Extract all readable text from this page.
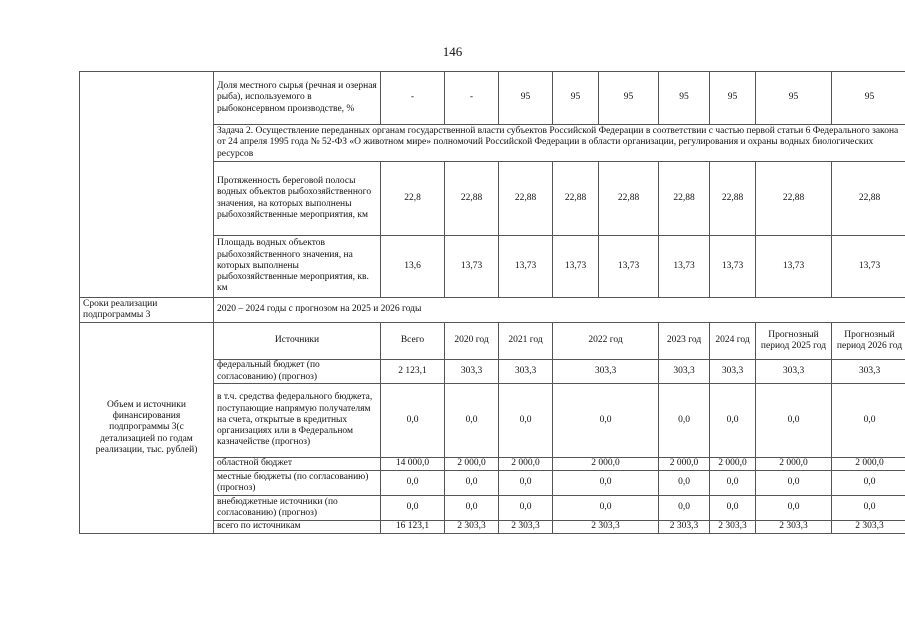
146
	Доля местного сырья (речная и озерная рыба), используемого в рыбоконсервном производстве, %	-	-	95	95	95	95	95	95	95
	Задача 2. Осуществление переданных органам государственной власти субъектов Российской Федерации в соответствии с частью первой статьи 6 Федерального закона от 24 апреля 1995 года № 52-ФЗ «О животном мире» полномочий Российской Федерации в области организации, регулирования и охраны водных биологических ресурсов									
	Протяженность береговой полосы водных объектов рыбохозяйственного значения, на которых выполнены рыбохозяйственные мероприятия, км	22,8	22,88	22,88	22,88	22,88	22,88	22,88	22,88	22,88
	Площадь водных объектов рыбохозяйственного значения, на которых выполнены рыбохозяйственные мероприятия, кв. км	13,6	13,73	13,73	13,73	13,73	13,73	13,73	13,73	13,73
Сроки реализации подпрограммы 3	2020 – 2024 годы с прогнозом на 2025 и 2026 годы									
Объем и источники финансирования подпрограммы 3(с детализацией по годам реализации, тыс. рублей)	Источники	Всего	2020 год	2021 год	2022 год		2023 год	2024 год	Прогнозный период 2025 год	Прогнозный период 2026 год
	федеральный бюджет (по согласованию) (прогноз)	2 123,1	303,3	303,3	303,3		303,3	303,3	303,3	303,3
	в т.ч. средства федерального бюджета, поступающие напрямую получателям на счета, открытые в кредитных организациях или в Федеральном казначействе (прогноз)	0,0	0,0	0,0	0,0		0,0	0,0	0,0	0,0
	областной бюджет	14 000,0	2 000,0	2 000,0	2 000,0		2 000,0	2 000,0	2 000,0	2 000,0
	местные бюджеты (по согласованию) (прогноз)	0,0	0,0	0,0	0,0		0,0	0,0	0,0	0,0
	внебюджетные источники (по согласованию) (прогноз)	0,0	0,0	0,0	0,0		0,0	0,0	0,0	0,0
	всего по источникам	16 123,1	2 303,3	2 303,3	2 303,3		2 303,3	2 303,3	2 303,3	2 303,3
